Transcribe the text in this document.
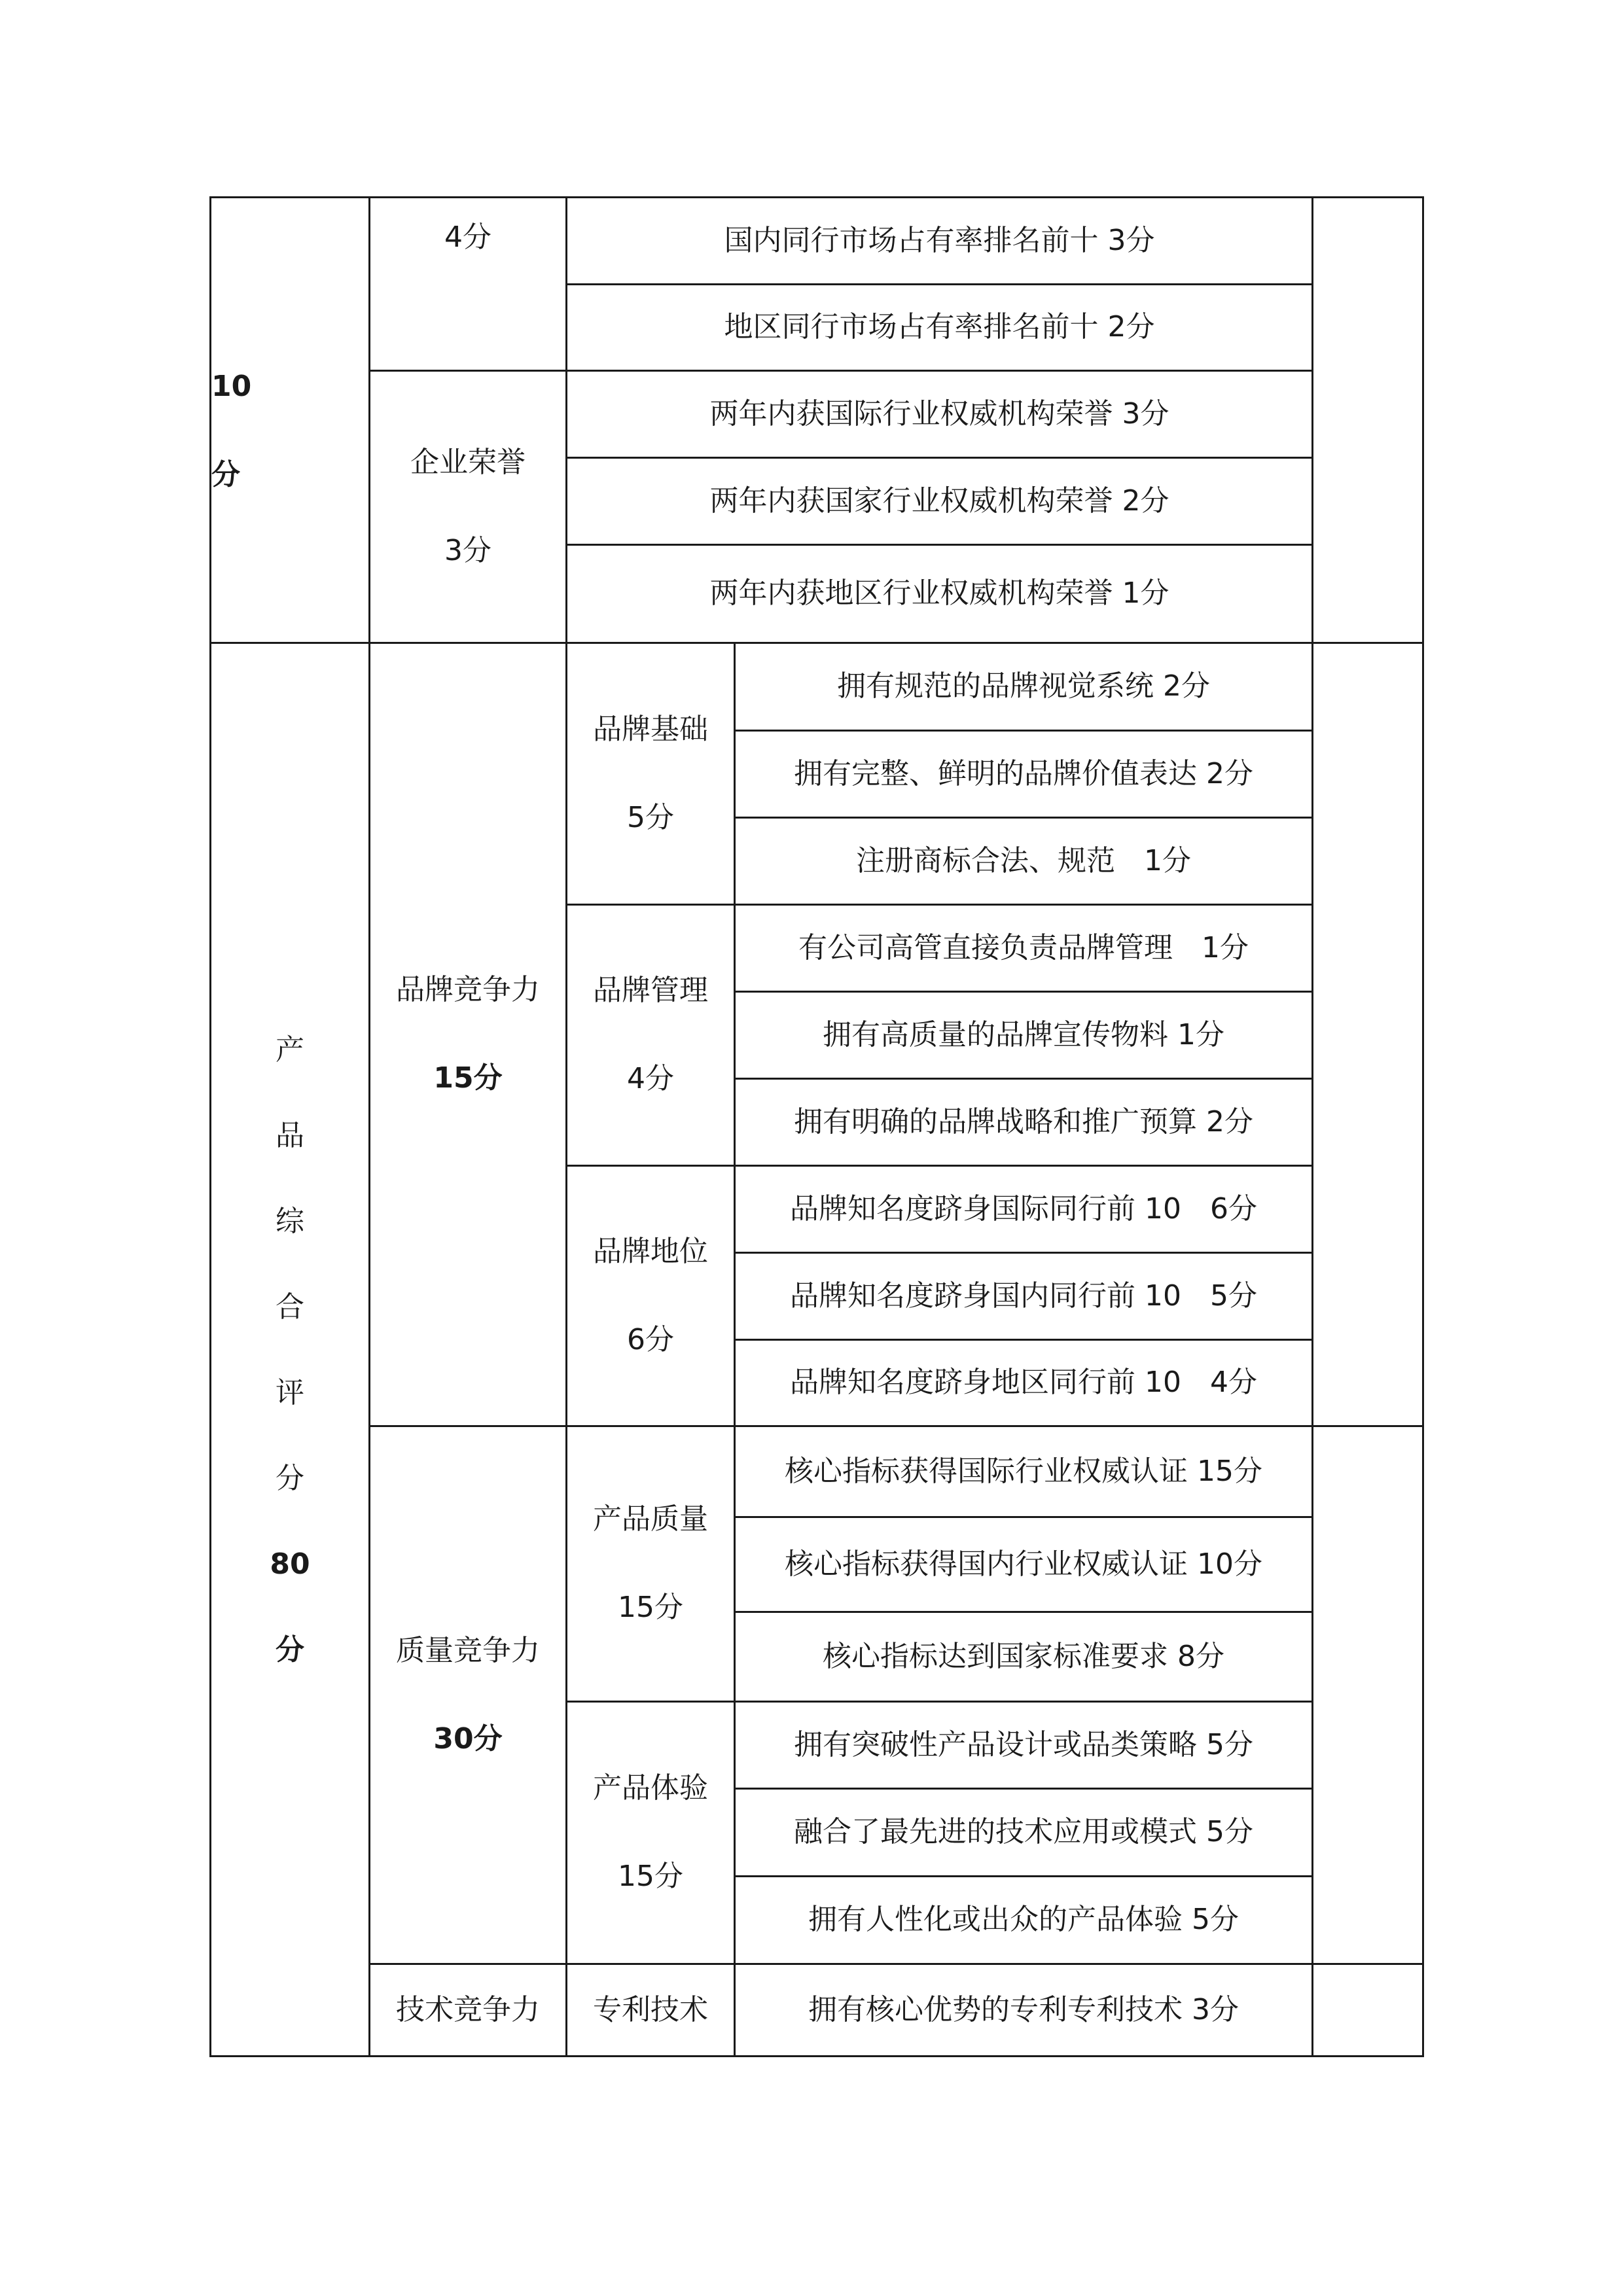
10
分
4分	国内同行市场占有率排名前十 3分
地区同行市场占有率排名前十 2分
企业荣誉
3分
两年内获国际行业权威机构荣誉 3分
两年内获国家行业权威机构荣誉 2分
两年内获地区行业权威机构荣誉 1分
产
品
综
合
评
分
80
分
品牌竞争力
15分
品牌基础
5分
拥有规范的品牌视觉系统 2分
拥有完整、鲜明的品牌价值表达 2分
注册商标合法、规范　1分
品牌管理
4分
有公司高管直接负责品牌管理　1分
拥有高质量的品牌宣传物料 1分
拥有明确的品牌战略和推广预算 2分
品牌地位
6分
品牌知名度跻身国际同行前 10　6分
品牌知名度跻身国内同行前 10　5分
品牌知名度跻身地区同行前 10　4分
质量竞争力
30分
产品质量
15分
核心指标获得国际行业权威认证 15分
核心指标获得国内行业权威认证 10分
核心指标达到国家标准要求 8分
产品体验
15分
拥有突破性产品设计或品类策略 5分
融合了最先进的技术应用或模式 5分
拥有人性化或出众的产品体验 5分
技术竞争力 专利技术	拥有核心优势的专利专利技术 3分
